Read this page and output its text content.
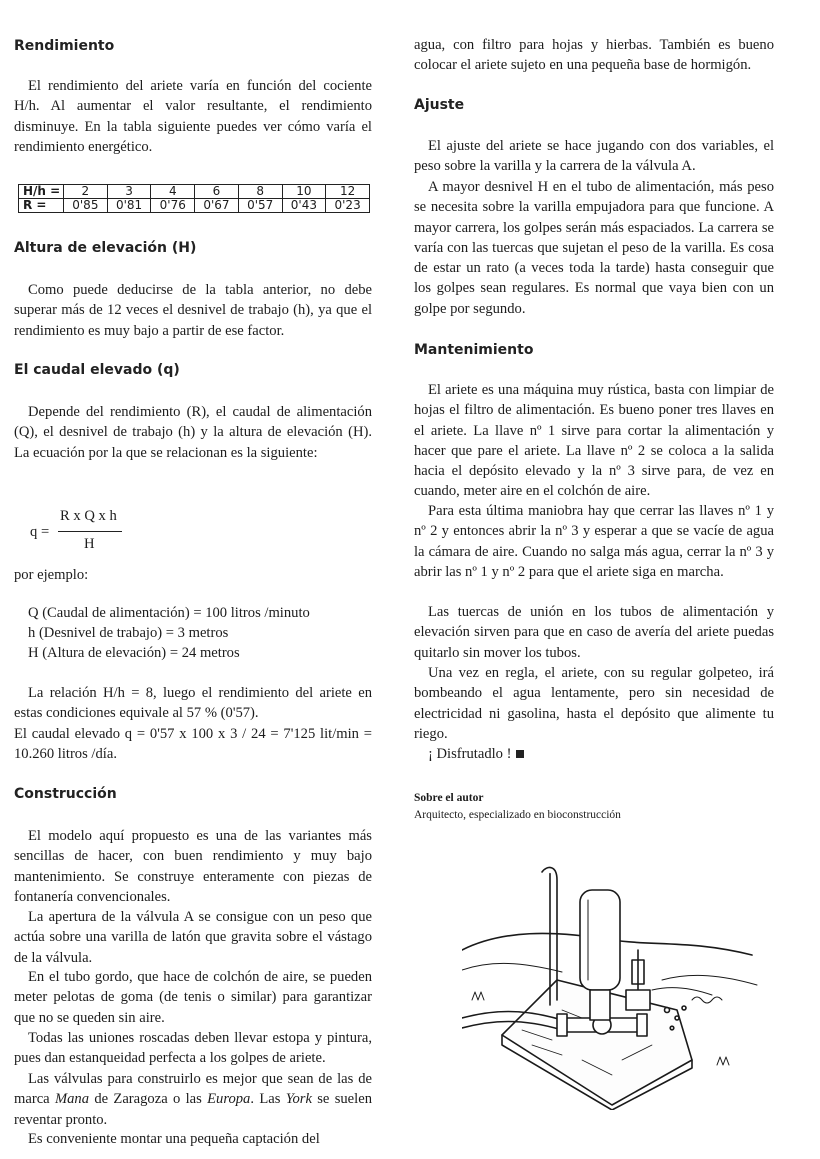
Rendimiento

El rendimiento del ariete varía en función del cociente H/h. Al aumentar el valor resultante, el rendimiento disminuye. En la tabla siguiente puedes ver cómo varía el rendimiento energético.

H/h =	2	3	4	6	8	10	12
R =	0'85	0'81	0'76	0'67	0'57	0'43	0'23
Altura de elevación (H)

Como puede deducirse de la tabla anterior, no debe superar más de 12 veces el desnivel de trabajo (h), ya que el rendimiento es muy bajo a partir de ese factor.

El caudal elevado (q)

Depende del rendimiento (R), el caudal de alimentación (Q), el desnivel de trabajo (h) y la altura de elevación (H). La ecuación por la que se relacionan es la siguiente:

q =
R x Q x h
H

por ejemplo:

Q (Caudal de alimentación) = 100 litros /minuto

h (Desnivel de trabajo) = 3 metros

H (Altura de elevación) = 24 metros

La relación H/h = 8, luego el rendimiento del ariete en estas condiciones equivale al 57 % (0'57).

El caudal elevado q = 0'57 x 100 x 3 / 24 = 7'125 lit/min = 10.260 litros /día.

Construcción

El modelo aquí propuesto es una de las variantes más sencillas de hacer, con buen rendimiento y muy bajo mantenimiento. Se construye enteramente con piezas de fontanería convencionales.

La apertura de la válvula A se consigue con un peso que actúa sobre una varilla de latón que gravita sobre el vástago de la válvula.

En el tubo gordo, que hace de colchón de aire, se pueden meter pelotas de goma (de tenis o similar) para garantizar que no se queden sin aire.

Todas las uniones roscadas deben llevar estopa y pintura, pues dan estanqueidad perfecta a los golpes de ariete.

Las válvulas para construirlo es mejor que sean de las de marca Mana de Zaragoza o las Europa. Las York se suelen reventar pronto.

Es conveniente montar una pequeña captación del

agua, con filtro para hojas y hierbas. También es bueno colocar el ariete sujeto en una pequeña base de hormigón.

Ajuste

El ajuste del ariete se hace jugando con dos variables, el peso sobre la varilla y la carrera de la válvula A.

A mayor desnivel H en el tubo de alimentación, más peso se necesita sobre la varilla empujadora para que funcione. A mayor carrera, los golpes serán más espaciados. La carrera se varía con las tuercas que sujetan el peso de la varilla. Es cosa de estar un rato (a veces toda la tarde) hasta conseguir que los golpes sean regulares. Es normal que vaya bien con un golpe por segundo.

Mantenimiento

El ariete es una máquina muy rústica, basta con limpiar de hojas el filtro de alimentación. Es bueno poner tres llaves en el ariete. La llave nº 1 sirve para cortar la alimentación y hacer que pare el ariete. La llave nº 2 se coloca a la salida hacia el depósito elevado y la nº 3 sirve para, de vez en cuando, meter aire en el colchón de aire.

Para esta última maniobra hay que cerrar las llaves nº 1 y nº 2 y entonces abrir la nº 3 y esperar a que se vacíe de agua la cámara de aire. Cuando no salga más agua, cerrar la nº 3 y abrir las nº 1 y nº 2 para que el ariete siga en marcha.

Las tuercas de unión en los tubos de alimentación y elevación sirven para que en caso de avería del ariete puedas quitarlo sin mover los tubos.

Una vez en regla, el ariete, con su regular golpeteo, irá bombeando el agua lentamente, pero sin necesidad de electricidad ni gasolina, hasta el depósito que alimente tu riego.

¡ Disfrutadlo !

Sobre el autor
Arquitecto, especializado en bioconstrucción
